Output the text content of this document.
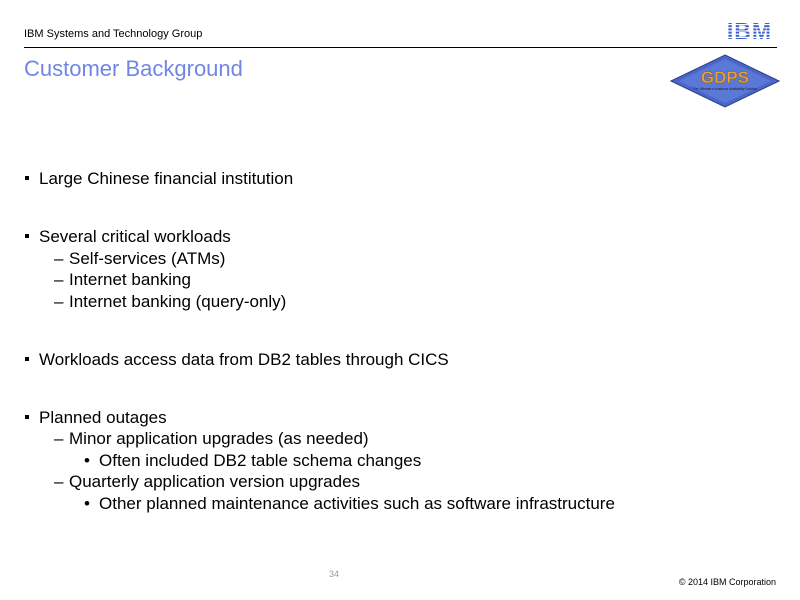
IBM Systems and Technology Group
GDPS
The Ultimate e-business Availability Solution
Customer Background
Large Chinese financial institution
Several critical workloads
– Self-services (ATMs)
– Internet banking
– Internet banking (query-only)
Workloads access data from DB2 tables through CICS
Planned outages
– Minor application upgrades (as needed)
• Often included DB2 table schema changes
– Quarterly application version upgrades
• Other planned maintenance activities such as software infrastructure
34
© 2014 IBM Corporation
